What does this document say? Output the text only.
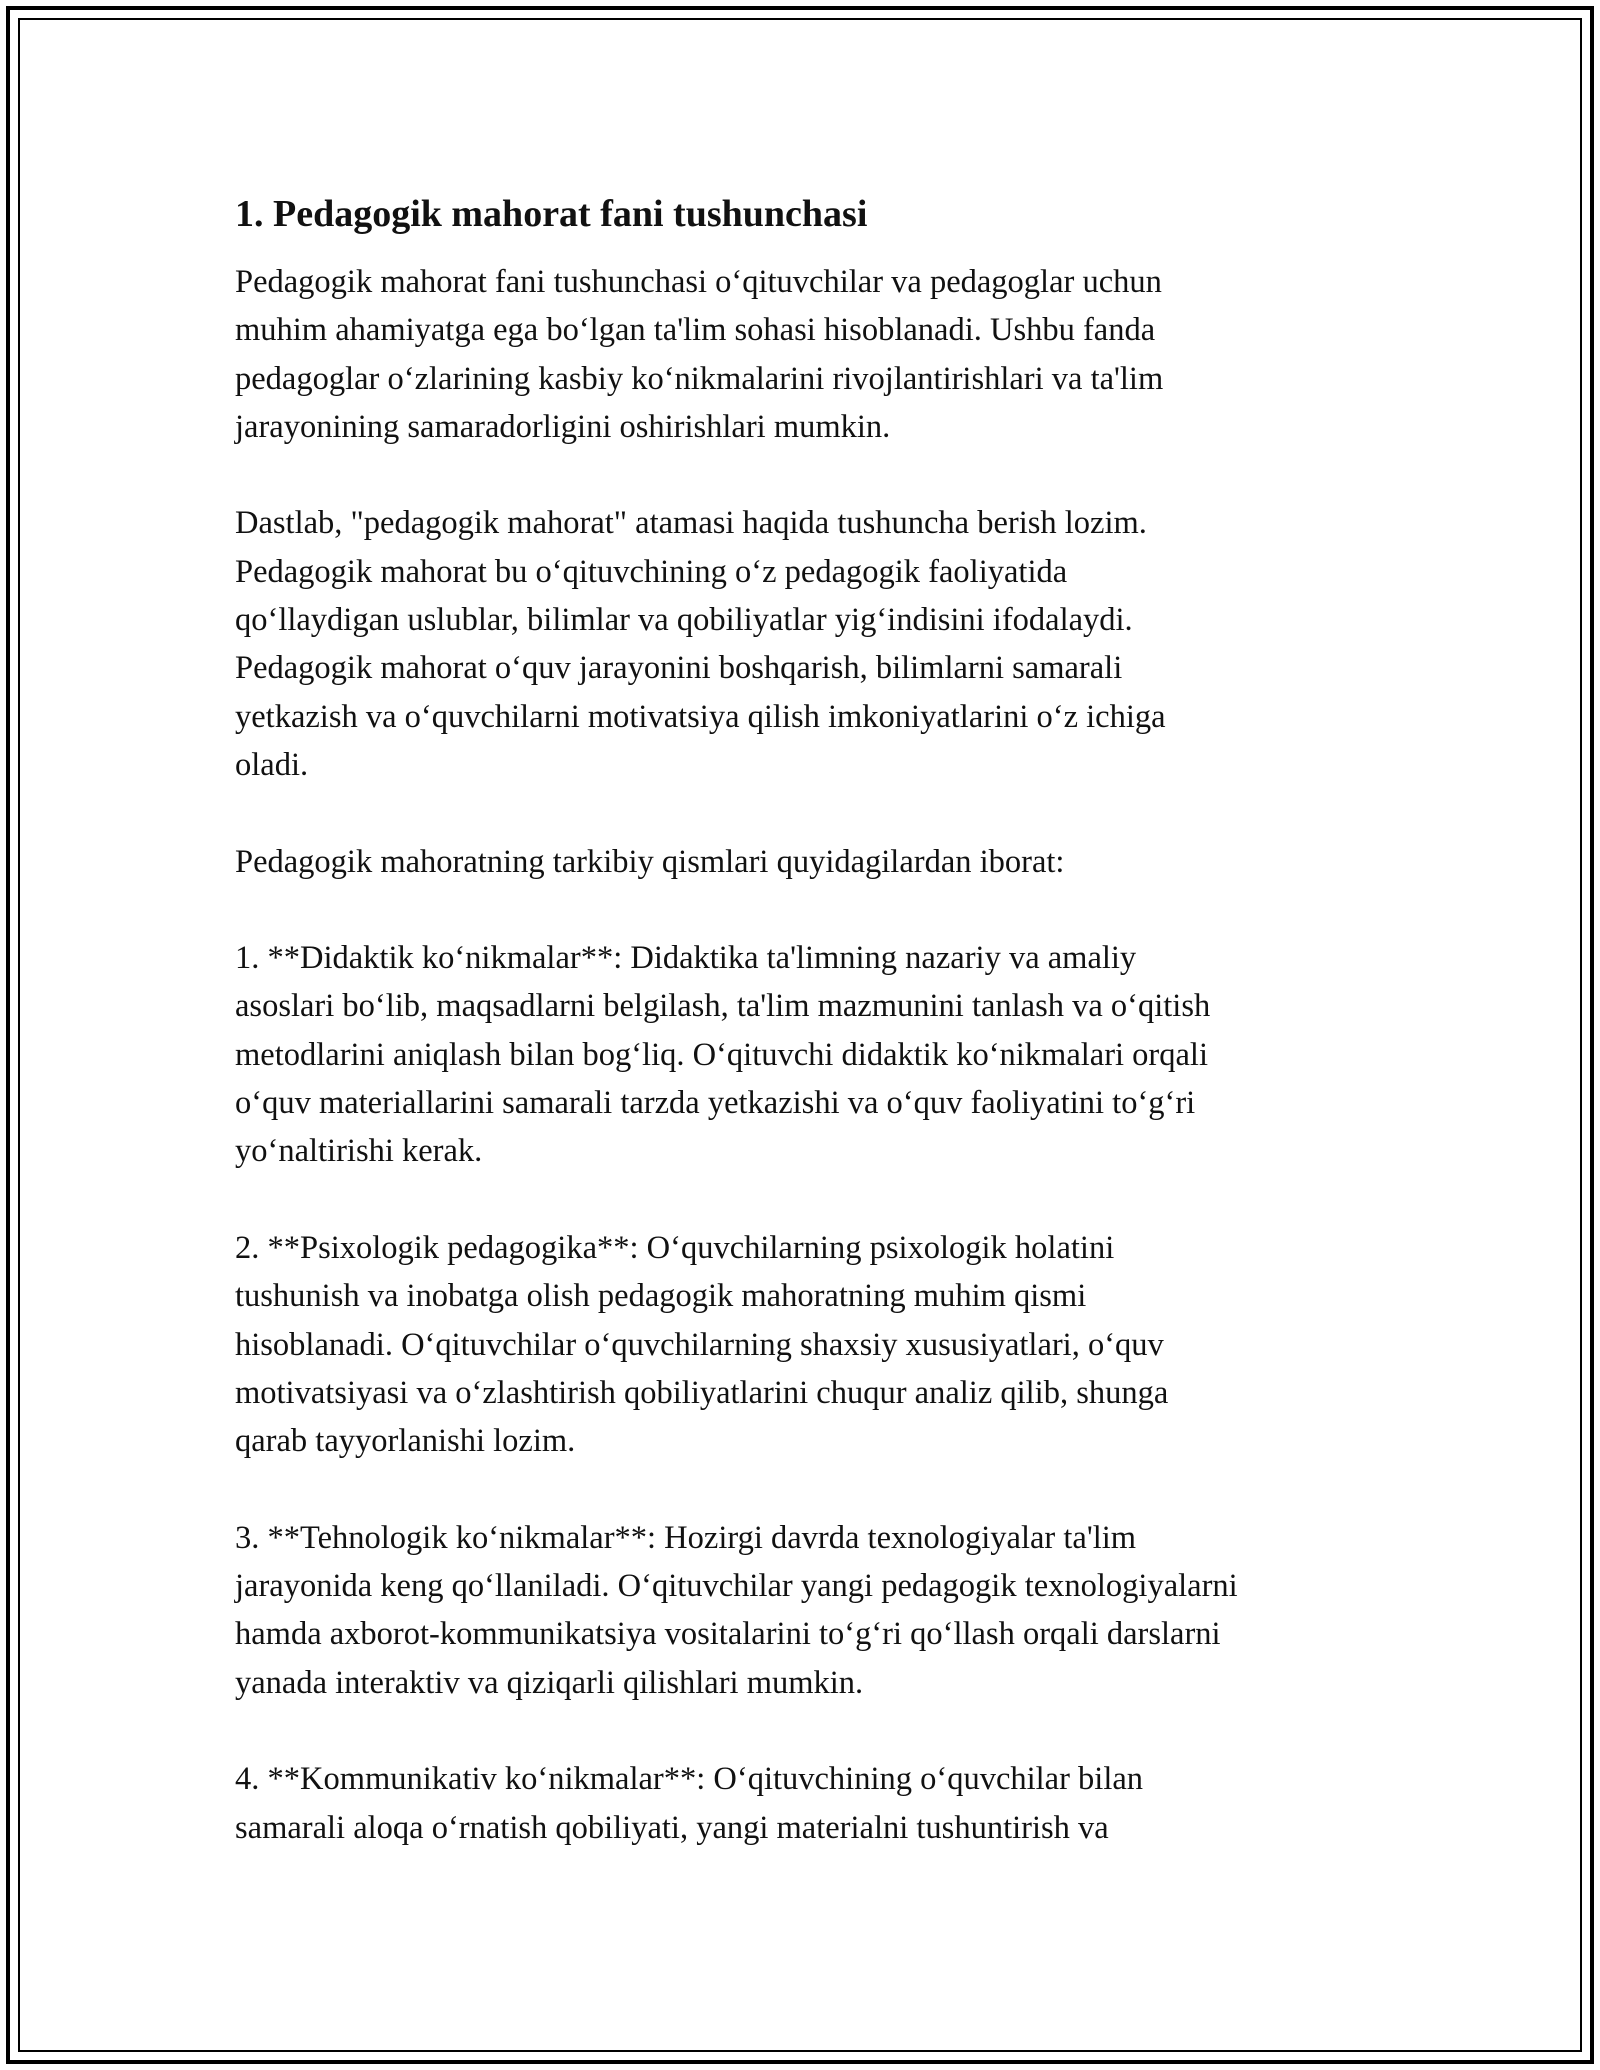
1. Pedagogik mahorat fani tushunchasi
Pedagogik mahorat fani tushunchasi o‘qituvchilar va pedagoglar uchun
muhim ahamiyatga ega bo‘lgan ta'lim sohasi hisoblanadi. Ushbu fanda
pedagoglar o‘zlarining kasbiy ko‘nikmalarini rivojlantirishlari va ta'lim
jarayonining samaradorligini oshirishlari mumkin.
Dastlab, "pedagogik mahorat" atamasi haqida tushuncha berish lozim.
Pedagogik mahorat bu o‘qituvchining o‘z pedagogik faoliyatida
qo‘llaydigan uslublar, bilimlar va qobiliyatlar yig‘indisini ifodalaydi.
Pedagogik mahorat o‘quv jarayonini boshqarish, bilimlarni samarali
yetkazish va o‘quvchilarni motivatsiya qilish imkoniyatlarini o‘z ichiga
oladi.
Pedagogik mahoratning tarkibiy qismlari quyidagilardan iborat:
1. **Didaktik ko‘nikmalar**: Didaktika ta'limning nazariy va amaliy
asoslari bo‘lib, maqsadlarni belgilash, ta'lim mazmunini tanlash va o‘qitish
metodlarini aniqlash bilan bog‘liq. O‘qituvchi didaktik ko‘nikmalari orqali
o‘quv materiallarini samarali tarzda yetkazishi va o‘quv faoliyatini to‘g‘ri
yo‘naltirishi kerak.
2. **Psixologik pedagogika**: O‘quvchilarning psixologik holatini
tushunish va inobatga olish pedagogik mahoratning muhim qismi
hisoblanadi. O‘qituvchilar o‘quvchilarning shaxsiy xususiyatlari, o‘quv
motivatsiyasi va o‘zlashtirish qobiliyatlarini chuqur analiz qilib, shunga
qarab tayyorlanishi lozim.
3. **Tehnologik ko‘nikmalar**: Hozirgi davrda texnologiyalar ta'lim
jarayonida keng qo‘llaniladi. O‘qituvchilar yangi pedagogik texnologiyalarni
hamda axborot-kommunikatsiya vositalarini to‘g‘ri qo‘llash orqali darslarni
yanada interaktiv va qiziqarli qilishlari mumkin.
4. **Kommunikativ ko‘nikmalar**: O‘qituvchining o‘quvchilar bilan
samarali aloqa o‘rnatish qobiliyati, yangi materialni tushuntirish va
